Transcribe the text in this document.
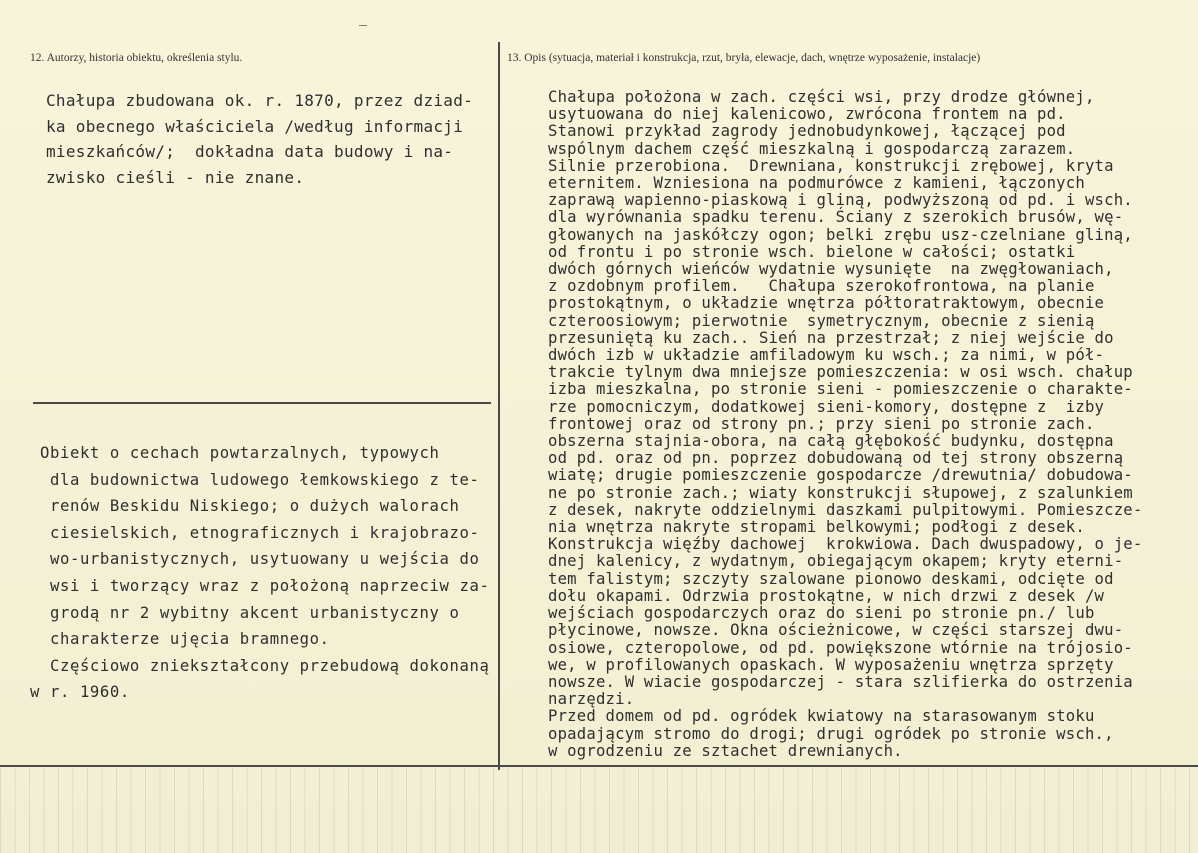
12. Autorzy, historia obiektu, określenia stylu.	13. Opis (sytuacja, materiał i konstrukcja, rzut, bryła, elewacje, dach, wnętrze wyposażenie, instalacje)
Chałupa zbudowana ok. r. 1870, przez dziad-
ka obecnego właściciela /według informacji
mieszkańców/;  dokładna data budowy i na-
zwisko cieśli - nie znane.
Obiekt o cechach powtarzalnych, typowych
dla budownictwa ludowego łemkowskiego z te-
renów Beskidu Niskiego; o dużych walorach
ciesielskich, etnograficznych i krajobrazo-
wo-urbanistycznych, usytuowany u wejścia do
wsi i tworzący wraz z położoną naprzeciw za-
grodą nr 2 wybitny akcent urbanistyczny o
charakterze ujęcia bramnego.
Częściowo zniekształcony przebudową dokonaną
w r. 1960.
Chałupa położona w zach. części wsi, przy drodze głównej,
usytuowana do niej kalenicowo, zwrócona frontem na pd.
Stanowi przykład zagrody jednobudynkowej, łączącej pod
wspólnym dachem część mieszkalną i gospodarczą zarazem.
Silnie przerobiona.  Drewniana, konstrukcji zrębowej, kryta
eternitem. Wzniesiona na podmurówce z kamieni, łączonych
zaprawą wapienno-piaskową i gliną, podwyższoną od pd. i wsch.
dla wyrównania spadku terenu. Ściany z szerokich brusów, wę-
głowanych na jaskółczy ogon; belki zrębu usz-czelniane gliną,
od frontu i po stronie wsch. bielone w całości; ostatki
dwóch górnych wieńców wydatnie wysunięte  na zwęgłowaniach,
z ozdobnym profilem.   Chałupa szerokofrontowa, na planie
prostokątnym, o układzie wnętrza półtoratraktowym, obecnie
czteroosiowym; pierwotnie  symetrycznym, obecnie z sienią
przesuniętą ku zach.. Sień na przestrzał; z niej wejście do
dwóch izb w układzie amfiladowym ku wsch.; za nimi, w pół-
trakcie tylnym dwa mniejsze pomieszczenia: w osi wsch. chałup
izba mieszkalna, po stronie sieni - pomieszczenie o charakte-
rze pomocniczym, dodatkowej sieni-komory, dostępne z  izby
frontowej oraz od strony pn.; przy sieni po stronie zach.
obszerna stajnia-obora, na całą głębokość budynku, dostępna
od pd. oraz od pn. poprzez dobudowaną od tej strony obszerną
wiatę; drugie pomieszczenie gospodarcze /drewutnia/ dobudowa-
ne po stronie zach.; wiaty konstrukcji słupowej, z szalunkiem
z desek, nakryte oddzielnymi daszkami pulpitowymi. Pomieszcze-
nia wnętrza nakryte stropami belkowymi; podłogi z desek.
Konstrukcja więźby dachowej  krokwiowa. Dach dwuspadowy, o je-
dnej kalenicy, z wydatnym, obiegającym okapem; kryty eterni-
tem falistym; szczyty szalowane pionowo deskami, odcięte od
dołu okapami. Odrzwia prostokątne, w nich drzwi z desek /w
wejściach gospodarczych oraz do sieni po stronie pn./ lub
płycinowe, nowsze. Okna ościeżnicowe, w części starszej dwu-
osiowe, czteropolowe, od pd. powiększone wtórnie na trójosio-
we, w profilowanych opaskach. W wyposażeniu wnętrza sprzęty
nowsze. W wiacie gospodarczej - stara szlifierka do ostrzenia
narzędzi.
Przed domem od pd. ogródek kwiatowy na starasowanym stoku
opadającym stromo do drogi; drugi ogródek po stronie wsch.,
w ogrodzeniu ze sztachet drewnianych.
